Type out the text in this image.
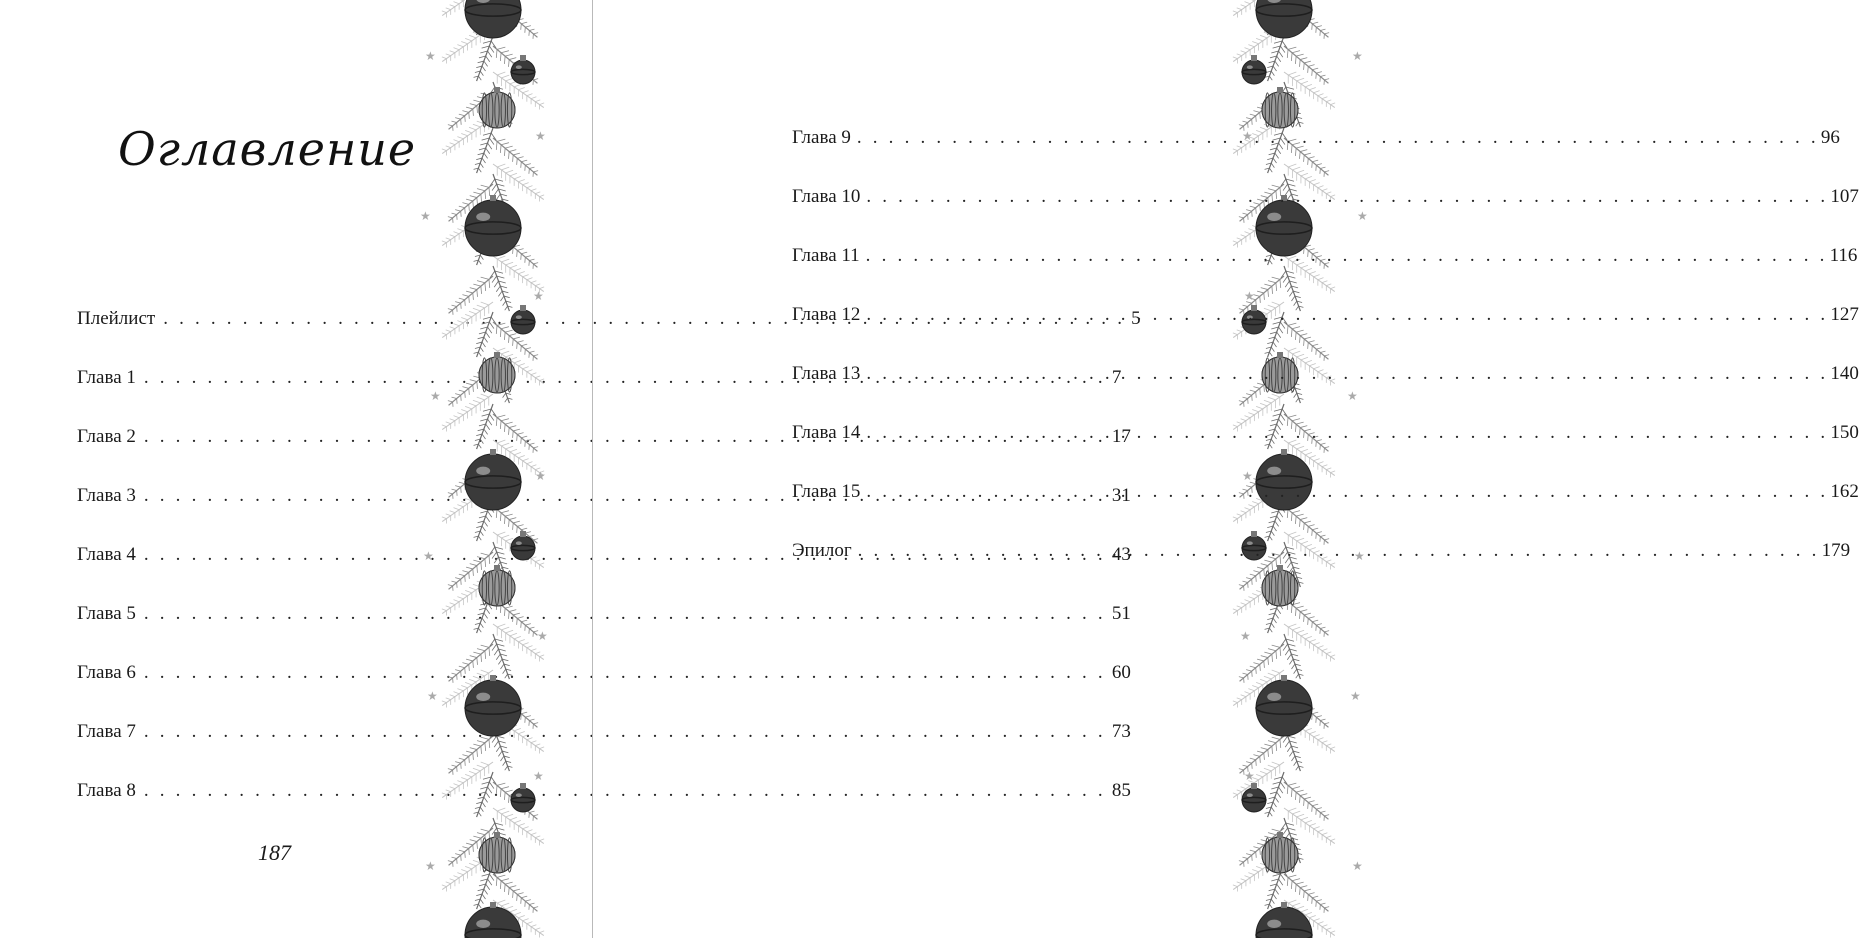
Оглавление
Плейлист . . .	5
Глава 1 . . .	7
Глава 2 . . .	17
Глава 3 . . .	31
Глава 4 . . .	43
Глава 5 . . .	51
Глава 6 . . .	60
Глава 7 . . .	73
Глава 8 . . .	85
187
★
★
★
★
★
★
★
★
★
★
★
★
★
★
★
★
★
★
★
★
★
★
Глава 9 . . .	96
Глава 10 . . .	107
Глава 11 . . .	116
Глава 12 . . .	127
Глава 13 . . .	140
Глава 14 . . .	150
Глава 15 . . .	162
Эпилог . . .	179
